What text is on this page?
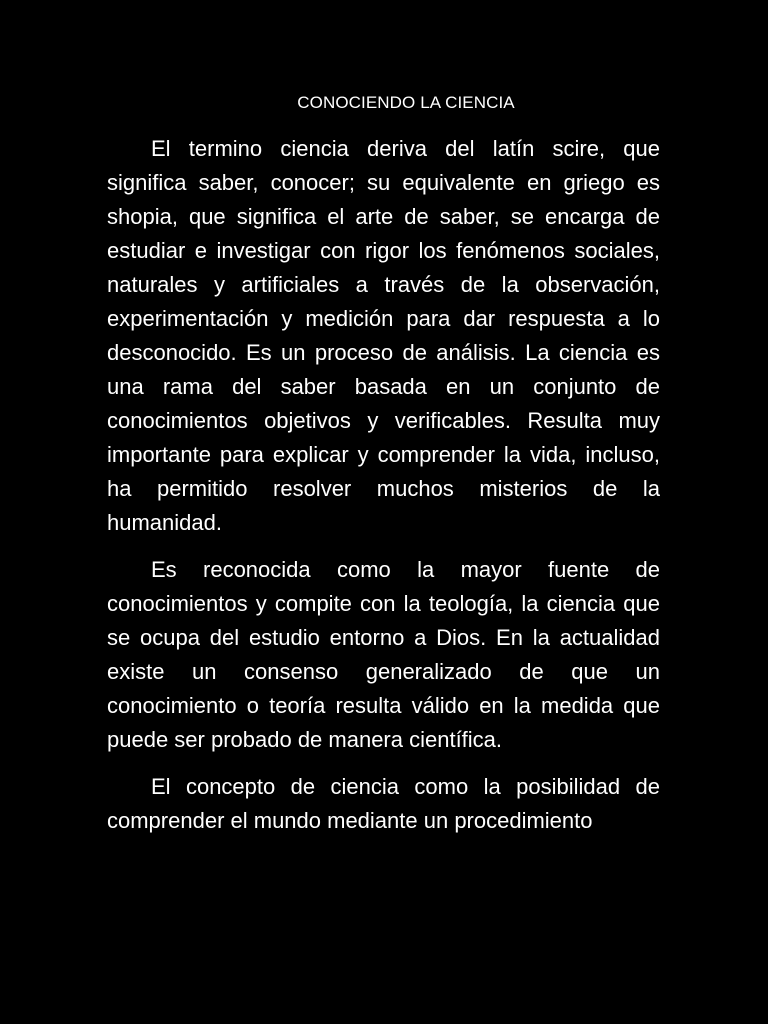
CONOCIENDO LA CIENCIA

El termino ciencia deriva del latín scire, que significa saber, conocer; su equivalente en griego es shopia, que significa el arte de saber, se encarga de estudiar e investigar con rigor los fenómenos sociales, naturales y artificiales a través de la observación, experimentación y medición para dar respuesta a lo desconocido. Es un proceso de análisis. La ciencia es una rama del saber basada en un conjunto de conocimientos objetivos y verificables. Resulta muy importante para explicar y comprender la vida, incluso, ha permitido resolver muchos misterios de la humanidad.

Es reconocida como la mayor fuente de conocimientos y compite con la teología, la ciencia que se ocupa del estudio entorno a Dios. En la actualidad existe un consenso generalizado de que un conocimiento o teoría resulta válido en la medida que puede ser probado de manera científica.

El concepto de ciencia como la posibilidad de comprender el mundo mediante un procedimiento
